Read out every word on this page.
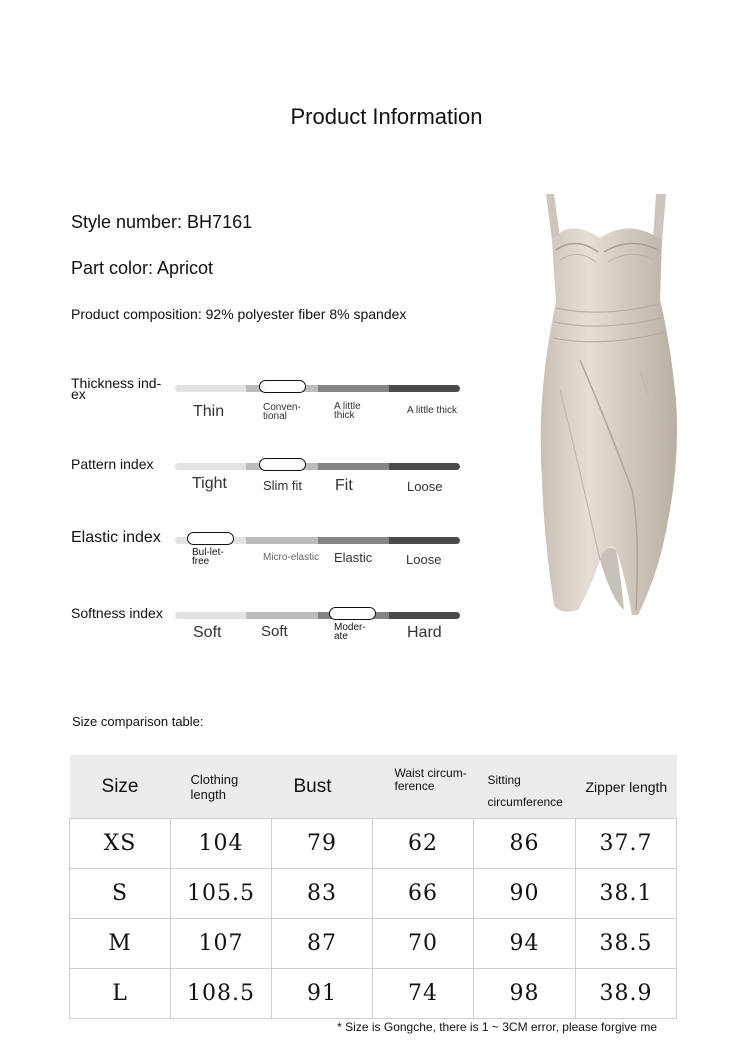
Product Information
Style number: BH7161
Part color: Apricot
Product composition: 92% polyester fiber 8% spandex
Thickness ind-ex
Thin	Conven-tional
A little thick	A little thick
Pattern index
Tight	Slim fit Fit	Loose
Elastic index
Bul-let-free	Micro-elastic Elastic	Loose
Softness index
Soft	Soft	Moder-ate	Hard
Size comparison table:
Size	Clothing length	Bust	Waist circum-ference	Sitting circumference	Zipper length
XS	104	79	62	86	37.7
S	105.5	83	66	90	38.1
M	107	87	70	94	38.5
L	108.5	91	74	98	38.9
* Size is Gongche, there is 1 ~ 3CM error, please forgive me
